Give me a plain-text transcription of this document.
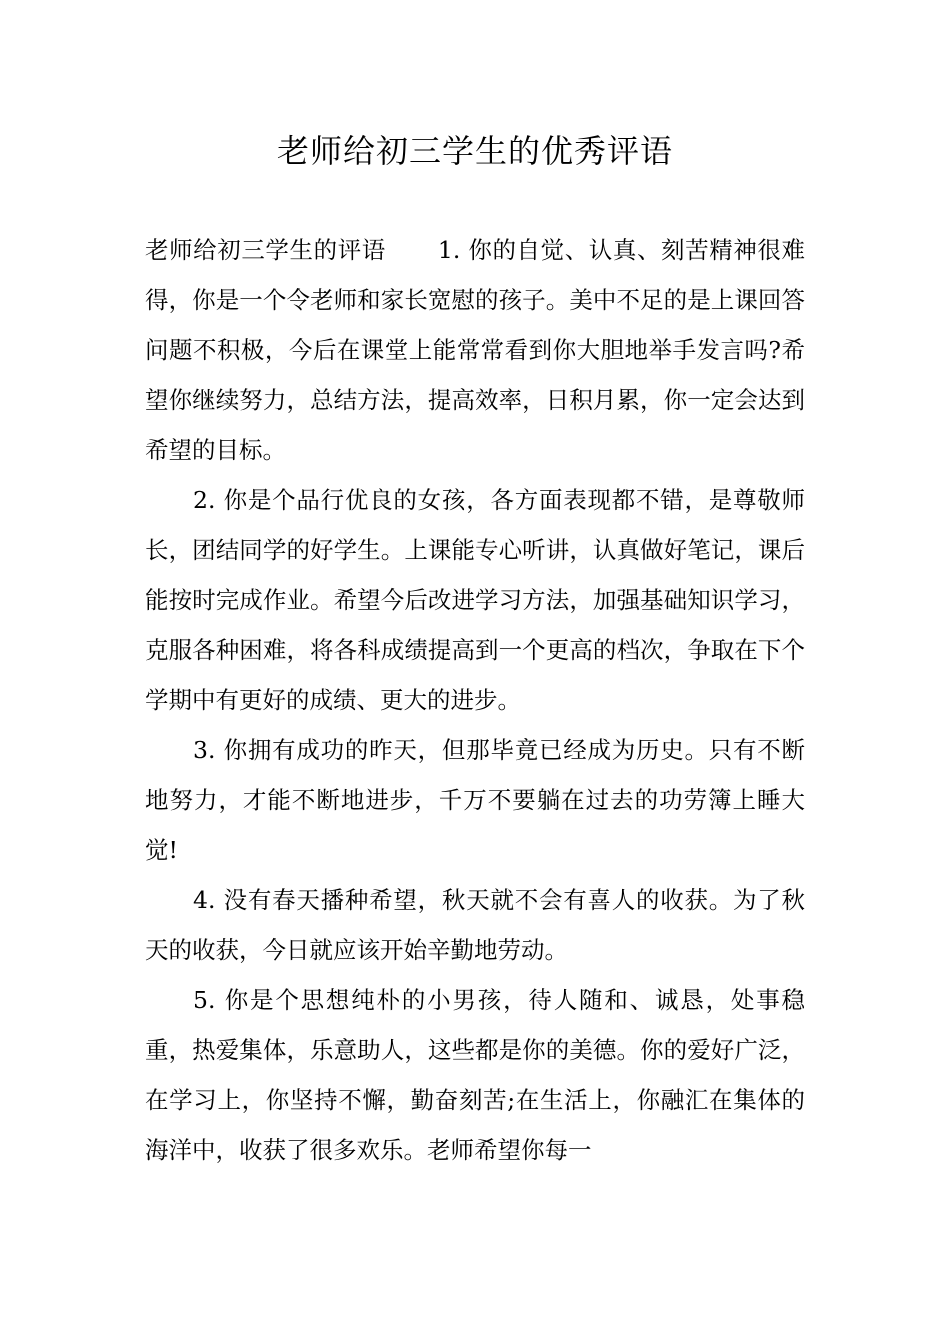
老师给初三学生的优秀评语

老师给初三学生的评语 1. 你的自觉、认真、刻苦精神很难得，你是一个令老师和家长宽慰的孩子。美中不足的是上课回答问题不积极，今后在课堂上能常常看到你大胆地举手发言吗?希望你继续努力，总结方法，提高效率，日积月累，你一定会达到希望的目标。

2. 你是个品行优良的女孩，各方面表现都不错，是尊敬师长，团结同学的好学生。上课能专心听讲，认真做好笔记，课后能按时完成作业。希望今后改进学习方法，加强基础知识学习，克服各种困难，将各科成绩提高到一个更高的档次，争取在下个学期中有更好的成绩、更大的进步。

3. 你拥有成功的昨天，但那毕竟已经成为历史。只有不断地努力，才能不断地进步，千万不要躺在过去的功劳簿上睡大觉!

4. 没有春天播种希望，秋天就不会有喜人的收获。为了秋天的收获，今日就应该开始辛勤地劳动。

5. 你是个思想纯朴的小男孩，待人随和、诚恳，处事稳重，热爱集体，乐意助人，这些都是你的美德。你的爱好广泛，在学习上，你坚持不懈，勤奋刻苦;在生活上，你融汇在集体的海洋中，收获了很多欢乐。老师希望你每一
